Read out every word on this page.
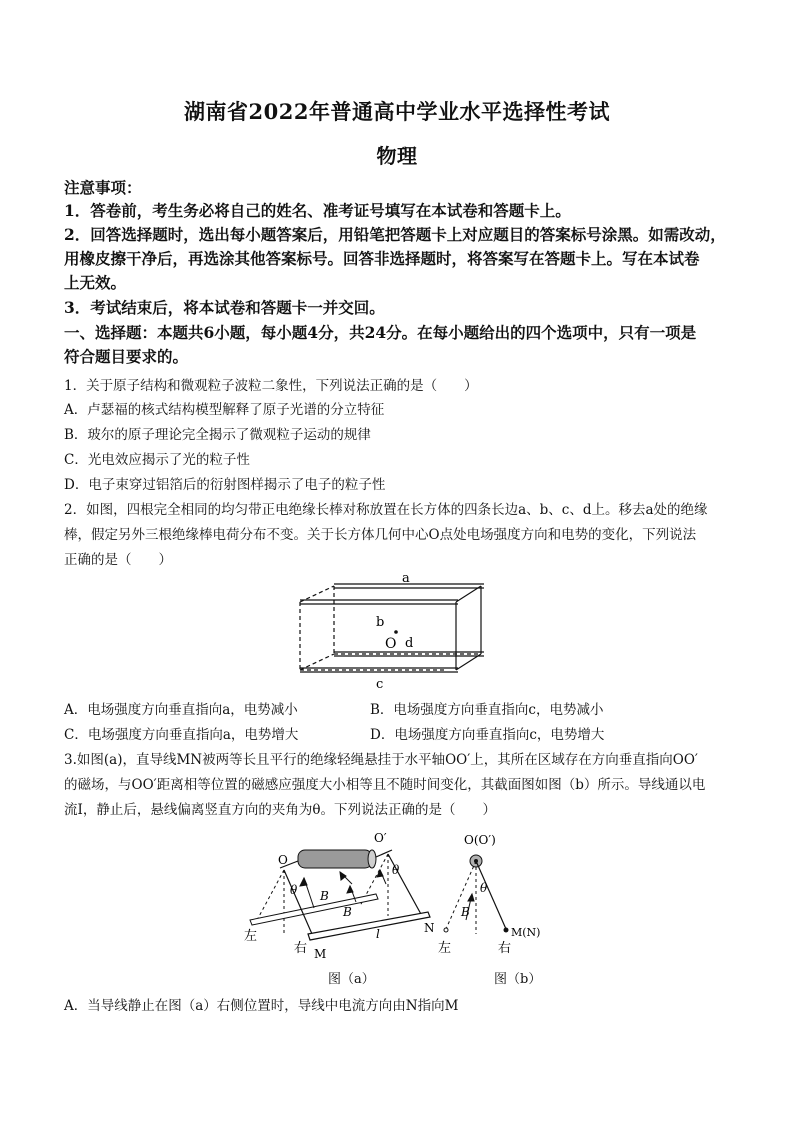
湖南省2022年普通高中学业水平选择性考试
物理
注意事项：
1．答卷前，考生务必将自己的姓名、准考证号填写在本试卷和答题卡上。
2．回答选择题时，选出每小题答案后，用铅笔把答题卡上对应题目的答案标号涂黑。如需改动，
用橡皮擦干净后，再选涂其他答案标号。回答非选择题时，将答案写在答题卡上。写在本试卷
上无效。
3．考试结束后，将本试卷和答题卡一并交回。
一、选择题：本题共6小题，每小题4分，共24分。在每小题给出的四个选项中，只有一项是
符合题目要求的。
1．关于原子结构和微观粒子波粒二象性，下列说法正确的是（　　）
A．卢瑟福的核式结构模型解释了原子光谱的分立特征
B．玻尔的原子理论完全揭示了微观粒子运动的规律
C．光电效应揭示了光的粒子性
D．电子束穿过铝箔后的衍射图样揭示了电子的粒子性
2．如图，四根完全相同的均匀带正电绝缘长棒对称放置在长方体的四条长边a、b、c、d上。移去a处的绝缘
棒，假定另外三根绝缘棒电荷分布不变。关于长方体几何中心O点处电场强度方向和电势的变化，下列说法
正确的是（　　）
a
b
O d
c
A．电场强度方向垂直指向a，电势减小	B．电场强度方向垂直指向c，电势减小
C．电场强度方向垂直指向a，电势增大	D．电场强度方向垂直指向c，电势增大
3.如图(a)，直导线MN被两等长且平行的绝缘轻绳悬挂于水平轴OO′上，其所在区域存在方向垂直指向OO′
的磁场，与OO′距离相等位置的磁感应强度大小相等且不随时间变化，其截面图如图（b）所示。导线通以电
流I，静止后，悬线偏离竖直方向的夹角为θ。下列说法正确的是（　　）
O
O′
B
B
θ
θ
左
右 M
N
l
O(O′)
B
θ
左	右
M(N)
图（a）	图（b）
A．当导线静止在图（a）右侧位置时，导线中电流方向由N指向M
